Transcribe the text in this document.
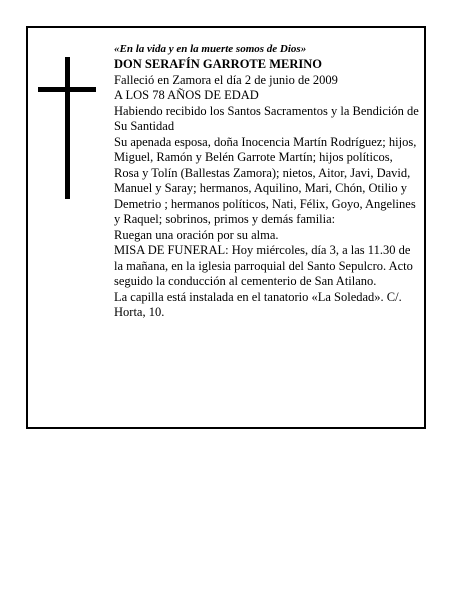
«En la vida y en la muerte somos de Dios»

DON SERAFÍN GARROTE MERINO

Falleció en Zamora el día 2 de junio de 2009

A LOS 78 AÑOS DE EDAD

Habiendo recibido los Santos Sacramentos y la Bendición de Su Santidad

Su apenada esposa, doña Inocencia Martín Rodríguez; hijos, Miguel, Ramón y Belén Garrote Martín; hijos políticos, Rosa y Tolín (Ballestas Zamora); nietos, Aitor, Javi, David, Manuel y Saray; hermanos, Aquilino, Mari, Chón, Otilio y Demetrio ; hermanos políticos, Nati, Félix, Goyo, Angelines y Raquel; sobrinos, primos y demás familia:

Ruegan una oración por su alma.

MISA DE FUNERAL: Hoy miércoles, día 3, a las 11.30 de la mañana, en la iglesia parroquial del Santo Sepulcro. Acto seguido la conducción al cementerio de San Atilano.

La capilla está instalada en el tanatorio «La Soledad». C/. Horta, 10.
